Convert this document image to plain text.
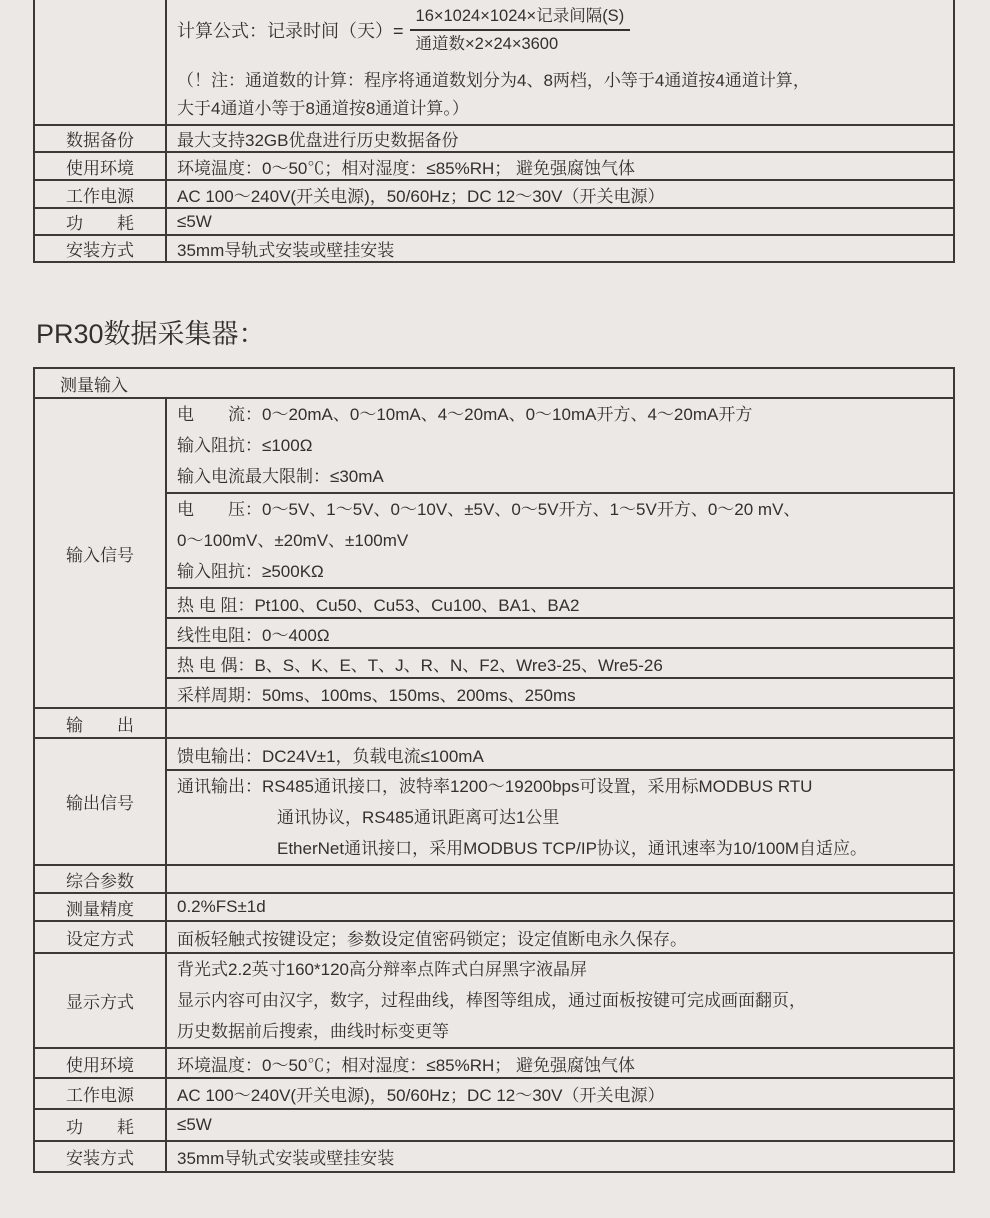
	计算公式：记录时间（天）= $\frac{\text{16×1024×1024×记录间隔(S)}}{\text{通道数×2×24×3600}}$
（！注：通道数的计算：程序将通道数划分为4、8两档，小等于4通道按4通道计算，
大于4通道小等于8通道按8通道计算。）

数据备份	最大支持32GB优盘进行历史数据备份
使用环境	环境温度：0～50℃；相对湿度：≤85%RH； 避免强腐蚀气体
工作电源	AC 100～240V(开关电源)，50/60Hz；DC 12～30V（开关电源）
功　　耗	≤5W
安装方式	35mm导轨式安装或壁挂安装
PR30数据采集器：
测量输入	
输入信号	电　　流：0～20mA、0～10mA、4～20mA、0～10mA开方、4～20mA开方
输入阻抗：≤100Ω
输入电流最大限制：≤30mA

	电　　压：0～5V、1～5V、0～10V、±5V、0～5V开方、1～5V开方、0～20 mV、
0～100mV、±20mV、±100mV
输入阻抗：≥500KΩ

	热 电 阻：Pt100、Cu50、Cu53、Cu100、BA1、BA2
	线性电阻：0～400Ω
	热 电 偶：B、S、K、E、T、J、R、N、F2、Wre3-25、Wre5-26
	采样周期：50ms、100ms、150ms、200ms、250ms
输　　出	
输出信号	馈电输出：DC24V±1，负载电流≤100mA

	通讯输出：RS485通讯接口，波特率1200～19200bps可设置，采用标MODBUS RTU
通讯协议，RS485通讯距离可达1公里
EtherNet通讯接口，采用MODBUS TCP/IP协议，通讯速率为10/100M自适应。

综合参数	
测量精度	0.2%FS±1d
设定方式	面板轻触式按键设定；参数设定值密码锁定；设定值断电永久保存。
显示方式	背光式2.2英寸160*120高分辩率点阵式白屏黑字液晶屏
显示内容可由汉字，数字，过程曲线，棒图等组成，通过面板按键可完成画面翻页，
历史数据前后搜索，曲线时标变更等

使用环境	环境温度：0～50℃；相对湿度：≤85%RH； 避免强腐蚀气体
工作电源	AC 100～240V(开关电源)，50/60Hz；DC 12～30V（开关电源）
功　　耗	≤5W
安装方式	35mm导轨式安装或壁挂安装
